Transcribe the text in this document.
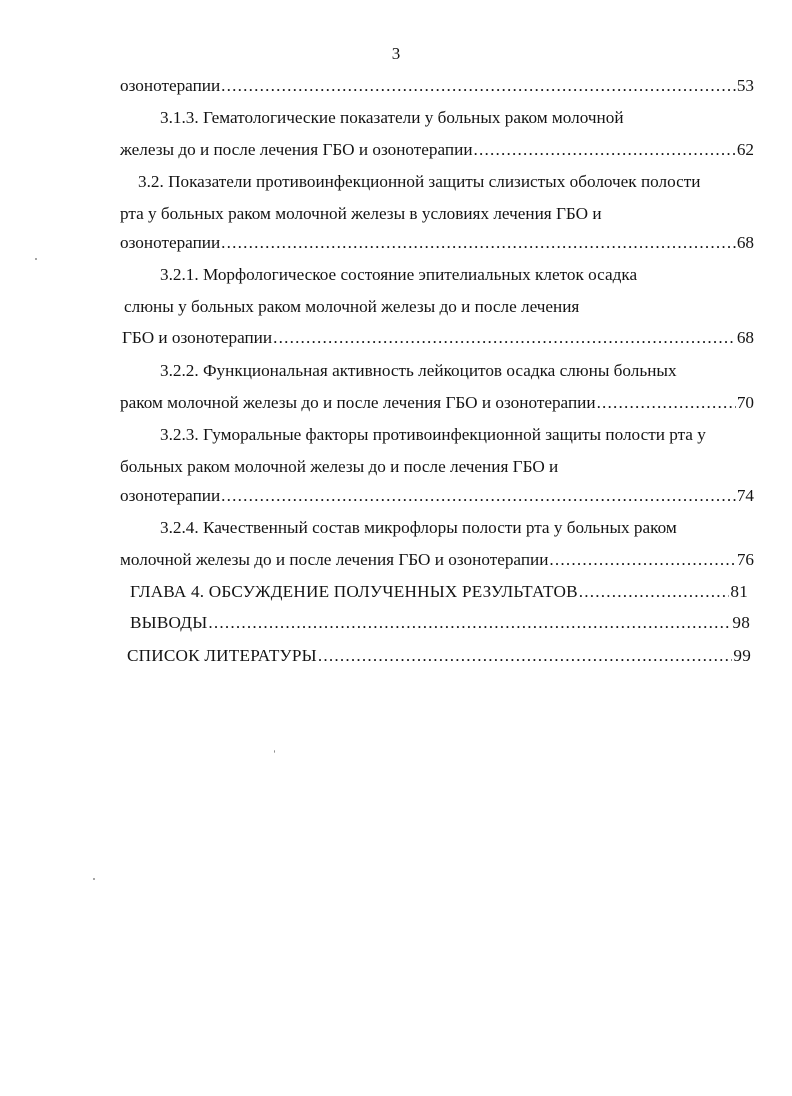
3
озонотерапии .....	53
3.1.3. Гематологические показатели у больных раком молочной
железы до и после лечения ГБО и озонотерапии .....	62
3.2. Показатели противоинфекционной защиты слизистых оболочек полости
рта у больных раком молочной железы в условиях лечения ГБО и
озонотерапии .....	68
3.2.1. Морфологическое состояние эпителиальных клеток осадка
слюны у больных раком молочной железы до и после лечения
ГБО и озонотерапии .....	68
3.2.2. Функциональная активность лейкоцитов осадка слюны больных
раком молочной железы до и после лечения ГБО и озонотерапии .....	70
3.2.3. Гуморальные факторы противоинфекционной защиты полости рта у
больных раком молочной железы до и после лечения ГБО и
озонотерапии .....	74
3.2.4. Качественный состав микрофлоры полости рта у больных раком
молочной железы до и после лечения ГБО и озонотерапии .....	76
ГЛАВА 4. ОБСУЖДЕНИЕ ПОЛУЧЕННЫХ РЕЗУЛЬТАТОВ .....	81
ВЫВОДЫ .....	98
СПИСОК ЛИТЕРАТУРЫ .....	99
